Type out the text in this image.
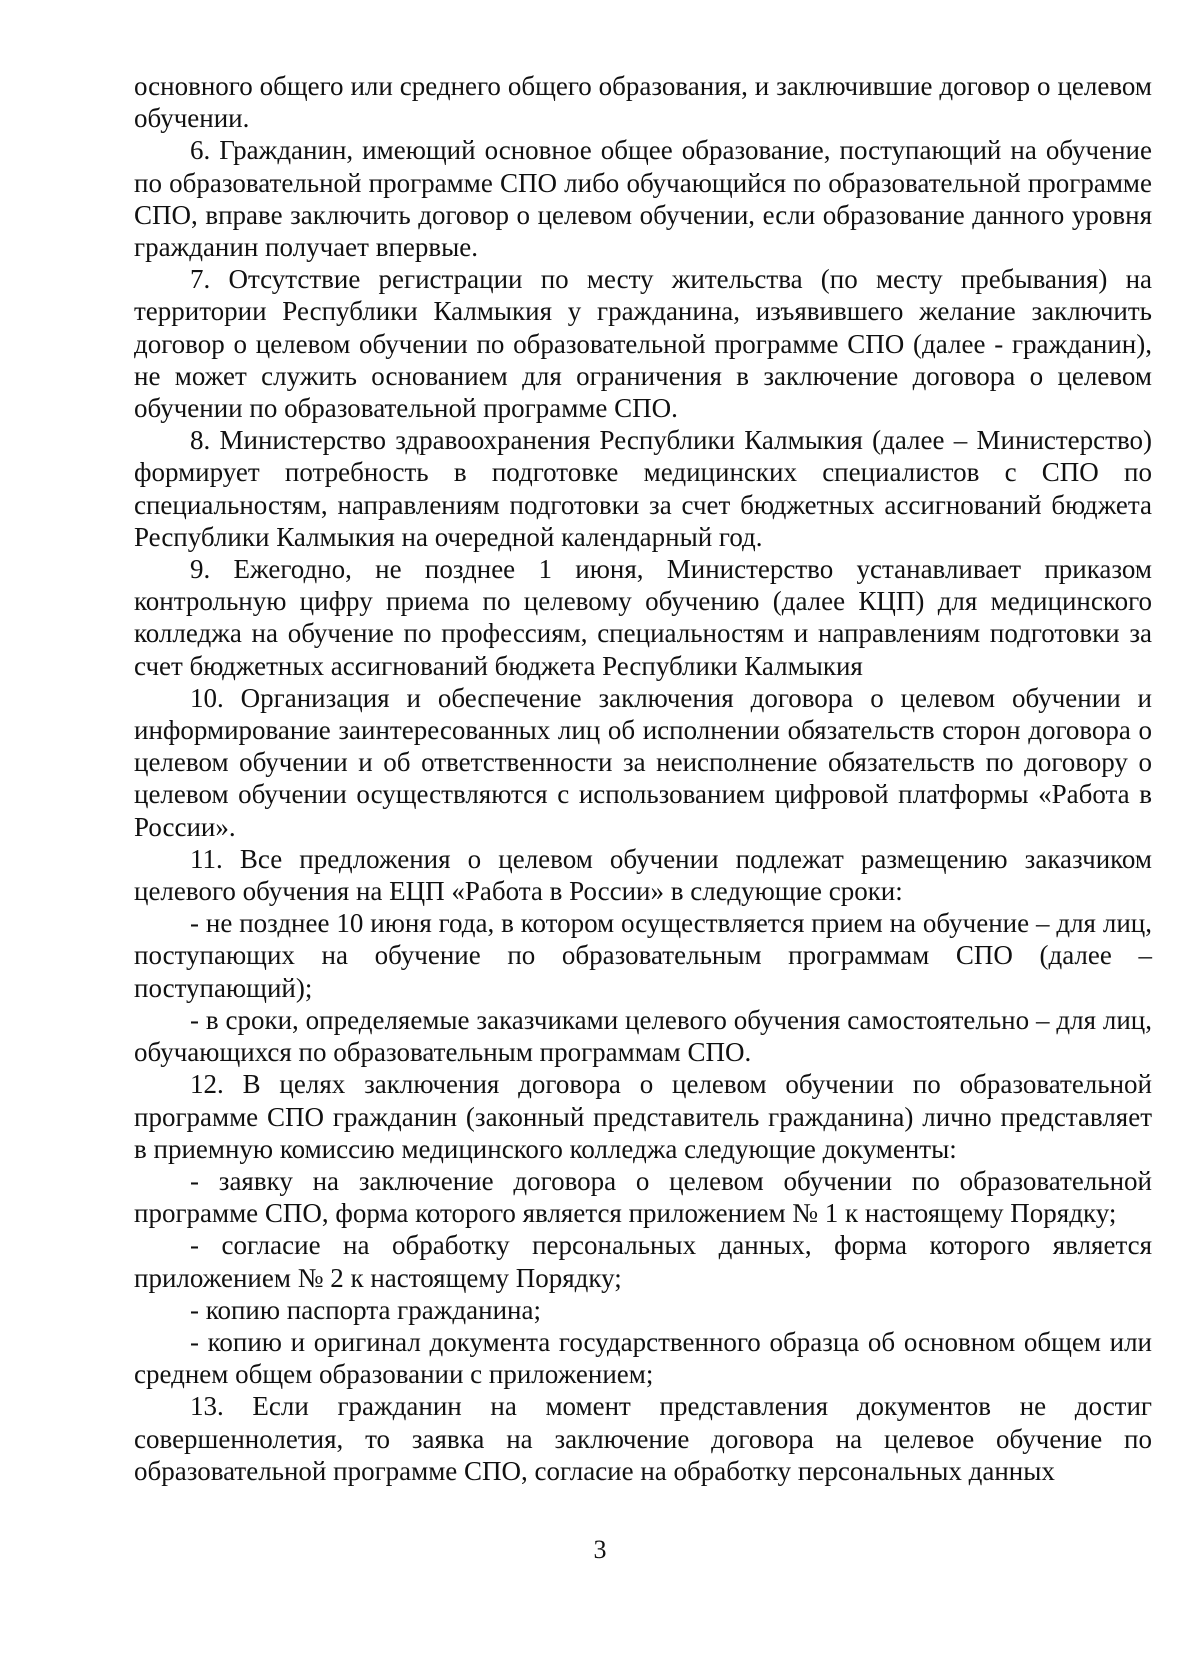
основного общего или среднего общего образования, и заключившие договор о целевом обучении.

6. Гражданин, имеющий основное общее образование, поступающий на обучение по образовательной программе СПО либо обучающийся по образовательной программе СПО, вправе заключить договор о целевом обучении, если образование данного уровня гражданин получает впервые.

7. Отсутствие регистрации по месту жительства (по месту пребывания) на территории Республики Калмыкия у гражданина, изъявившего желание заключить договор о целевом обучении по образовательной программе СПО (далее - гражданин), не может служить основанием для ограничения в заключение договора о целевом обучении по образовательной программе СПО.

8. Министерство здравоохранения Республики Калмыкия (далее – Министерство) формирует потребность в подготовке медицинских специалистов с СПО по специальностям, направлениям подготовки за счет бюджетных ассигнований бюджета Республики Калмыкия на очередной календарный год.

9. Ежегодно, не позднее 1 июня, Министерство устанавливает приказом контрольную цифру приема по целевому обучению (далее КЦП) для медицинского колледжа на обучение по профессиям, специальностям и направлениям подготовки за счет бюджетных ассигнований бюджета Республики Калмыкия

10. Организация и обеспечение заключения договора о целевом обучении и информирование заинтересованных лиц об исполнении обязательств сторон договора о целевом обучении и об ответственности за неисполнение обязательств по договору о целевом обучении осуществляются с использованием цифровой платформы «Работа в России».

11. Все предложения о целевом обучении подлежат размещению заказчиком целевого обучения на ЕЦП «Работа в России» в следующие сроки:

- не позднее 10 июня года, в котором осуществляется прием на обучение – для лиц, поступающих на обучение по образовательным программам СПО (далее – поступающий);

- в сроки, определяемые заказчиками целевого обучения самостоятельно – для лиц, обучающихся по образовательным программам СПО.

12. В целях заключения договора о целевом обучении по образовательной программе СПО гражданин (законный представитель гражданина) лично представляет в приемную комиссию медицинского колледжа следующие документы:

- заявку на заключение договора о целевом обучении по образовательной программе СПО, форма которого является приложением № 1 к настоящему Порядку;

- согласие на обработку персональных данных, форма которого является приложением № 2 к настоящему Порядку;

- копию паспорта гражданина;

- копию и оригинал документа государственного образца об основном общем или среднем общем образовании с приложением;

13. Если гражданин на момент представления документов не достиг совершеннолетия, то заявка на заключение договора на целевое обучение по образовательной программе СПО, согласие на обработку персональных данных

3
